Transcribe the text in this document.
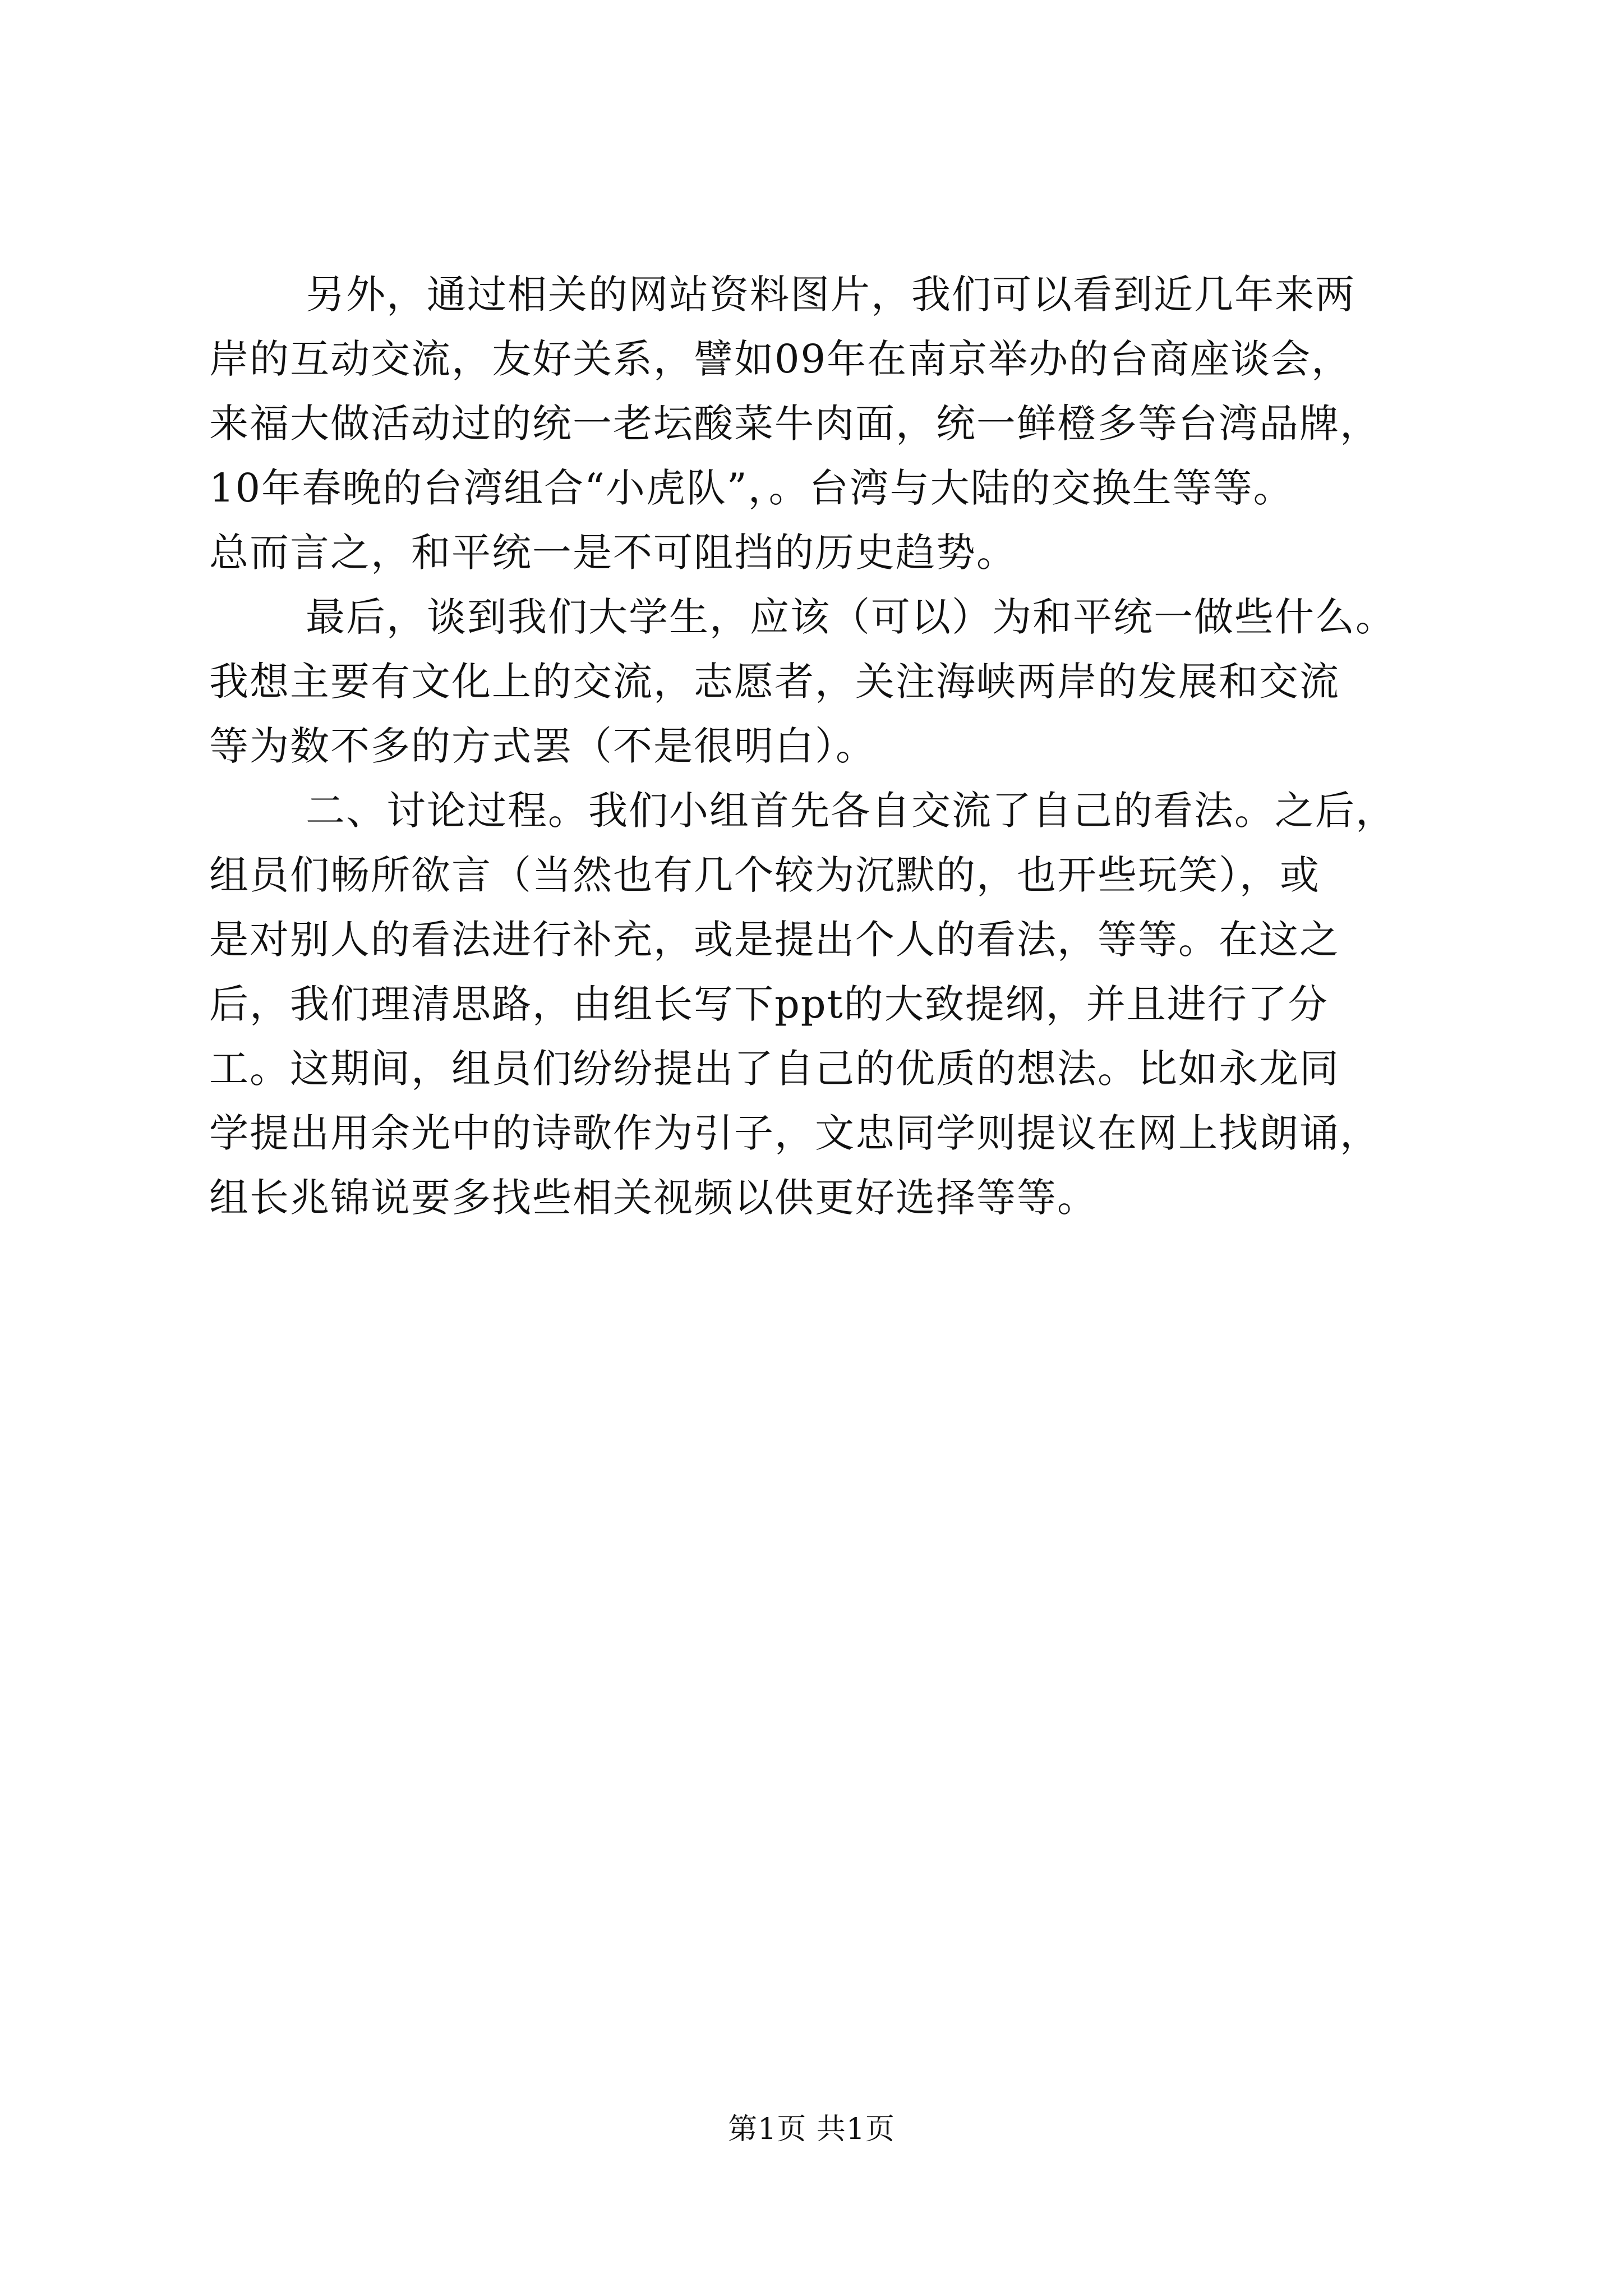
另外，通过相关的网站资料图片，我们可以看到近几年来两
岸的互动交流，友好关系，譬如09年在南京举办的台商座谈会，
来福大做活动过的统一老坛酸菜牛肉面，统一鲜橙多等台湾品牌，
10年春晚的台湾组合“小虎队”，。台湾与大陆的交换生等等。
总而言之，和平统一是不可阻挡的历史趋势。

最后，谈到我们大学生，应该（可以）为和平统一做些什么。
我想主要有文化上的交流，志愿者，关注海峡两岸的发展和交流
等为数不多的方式罢（不是很明白）。

二、讨论过程。我们小组首先各自交流了自己的看法。之后，
组员们畅所欲言（当然也有几个较为沉默的，也开些玩笑），或
是对别人的看法进行补充，或是提出个人的看法，等等。在这之
后，我们理清思路，由组长写下ppt的大致提纲，并且进行了分
工。这期间，组员们纷纷提出了自己的优质的想法。比如永龙同
学提出用余光中的诗歌作为引子，文忠同学则提议在网上找朗诵，
组长兆锦说要多找些相关视频以供更好选择等等。

第1页 共1页
